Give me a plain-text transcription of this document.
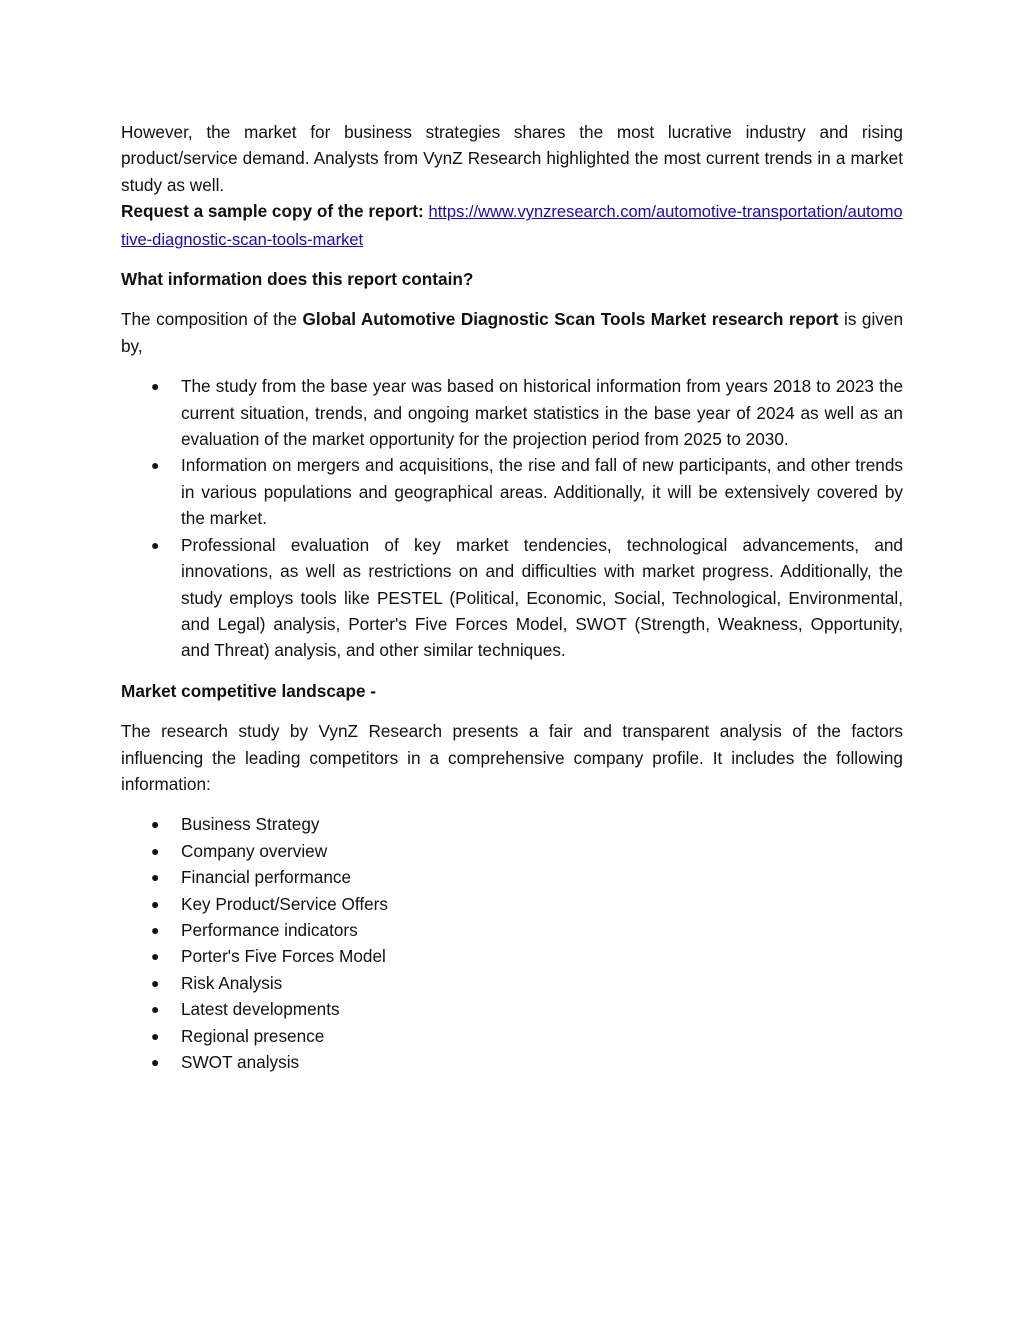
However, the market for business strategies shares the most lucrative industry and rising product/service demand. Analysts from VynZ Research highlighted the most current trends in a market study as well.

Request a sample copy of the report: https://www.vynzresearch.com/automotive-transportation/automotive-diagnostic-scan-tools-market

What information does this report contain?

The composition of the Global Automotive Diagnostic Scan Tools Market research report is given by,

● The study from the base year was based on historical information from years 2018 to 2023 the current situation, trends, and ongoing market statistics in the base year of 2024 as well as an evaluation of the market opportunity for the projection period from 2025 to 2030.
● Information on mergers and acquisitions, the rise and fall of new participants, and other trends in various populations and geographical areas. Additionally, it will be extensively covered by the market.
● Professional evaluation of key market tendencies, technological advancements, and innovations, as well as restrictions on and difficulties with market progress. Additionally, the study employs tools like PESTEL (Political, Economic, Social, Technological, Environmental, and Legal) analysis, Porter's Five Forces Model, SWOT (Strength, Weakness, Opportunity, and Threat) analysis, and other similar techniques.

Market competitive landscape -

The research study by VynZ Research presents a fair and transparent analysis of the factors influencing the leading competitors in a comprehensive company profile. It includes the following information:

● Business Strategy
● Company overview
● Financial performance
● Key Product/Service Offers
● Performance indicators
● Porter's Five Forces Model
● Risk Analysis
● Latest developments
● Regional presence
● SWOT analysis
